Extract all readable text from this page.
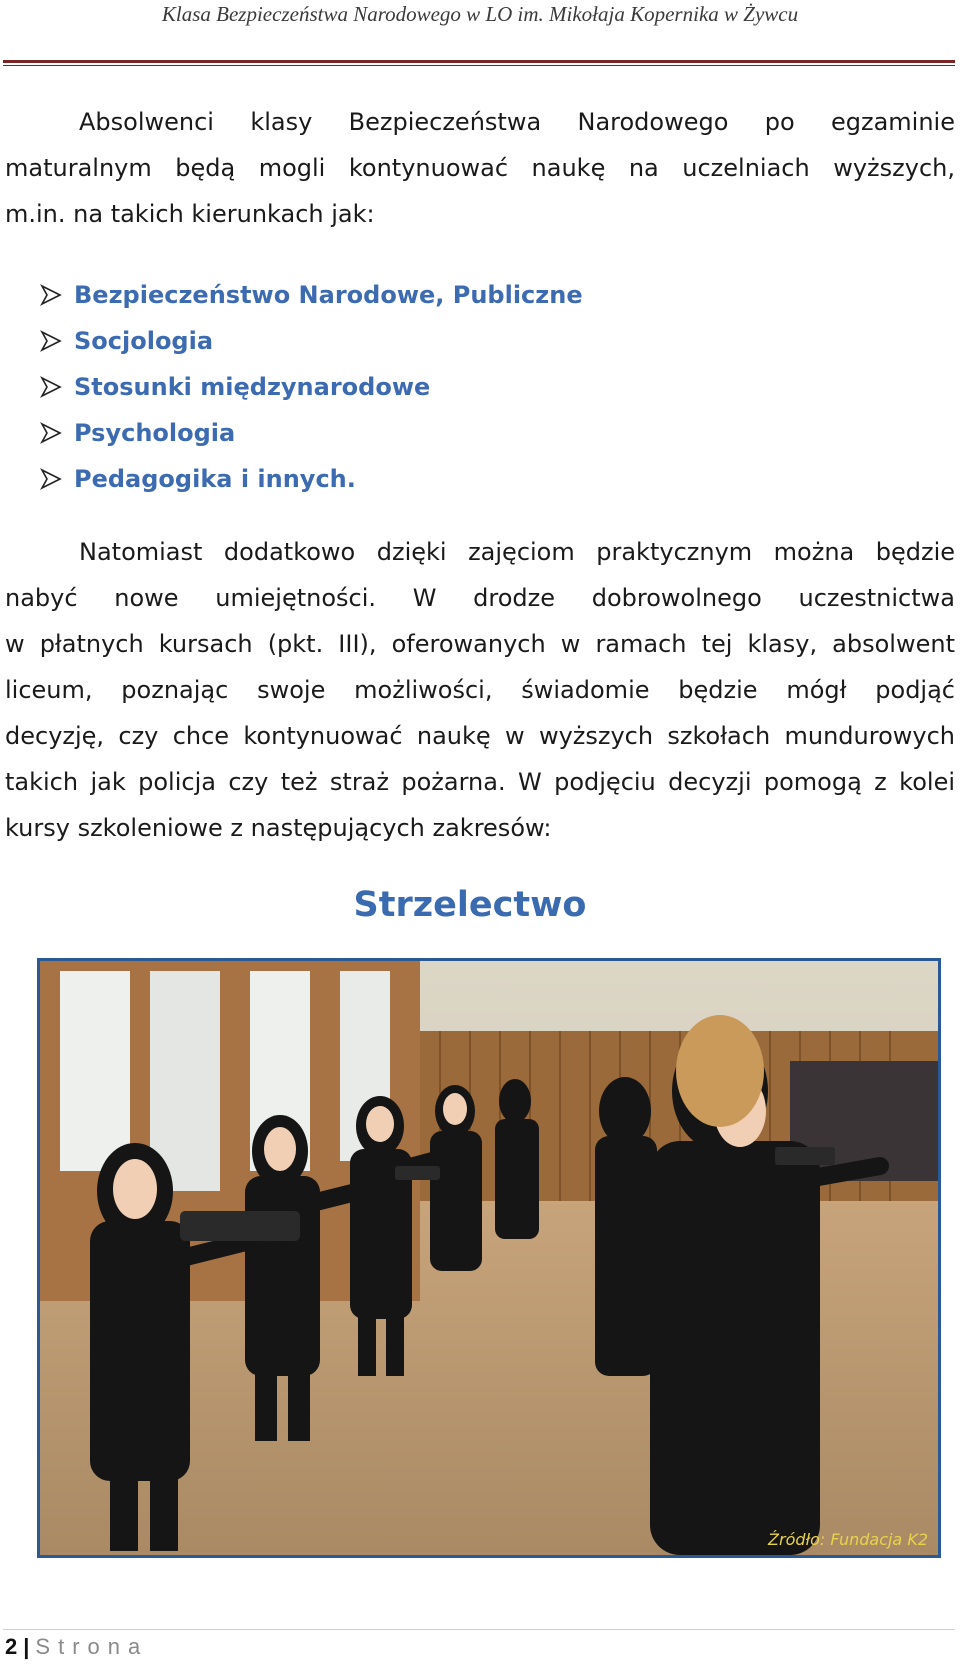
Klasa Bezpieczeństwa Narodowego w LO im. Mikołaja Kopernika w Żywcu
Absolwenci klasy Bezpieczeństwa Narodowego po egzaminie
maturalnym będą mogli kontynuować naukę na uczelniach wyższych,
m.in. na takich kierunkach jak:
Bezpieczeństwo Narodowe, Publiczne
Socjologia
Stosunki międzynarodowe
Psychologia
Pedagogika i innych.
Natomiast dodatkowo dzięki zajęciom praktycznym można będzie
nabyć nowe umiejętności. W drodze dobrowolnego uczestnictwa
w płatnych kursach (pkt. III), oferowanych w ramach tej klasy, absolwent
liceum, poznając swoje możliwości, świadomie będzie mógł podjąć
decyzję, czy chce kontynuować naukę w wyższych szkołach mundurowych
takich jak policja czy też straż pożarna. W podjęciu decyzji pomogą z kolei
kursy szkoleniowe z następujących zakresów:
Strzelectwo
Źródło: Fundacja K2
2 | Strona
